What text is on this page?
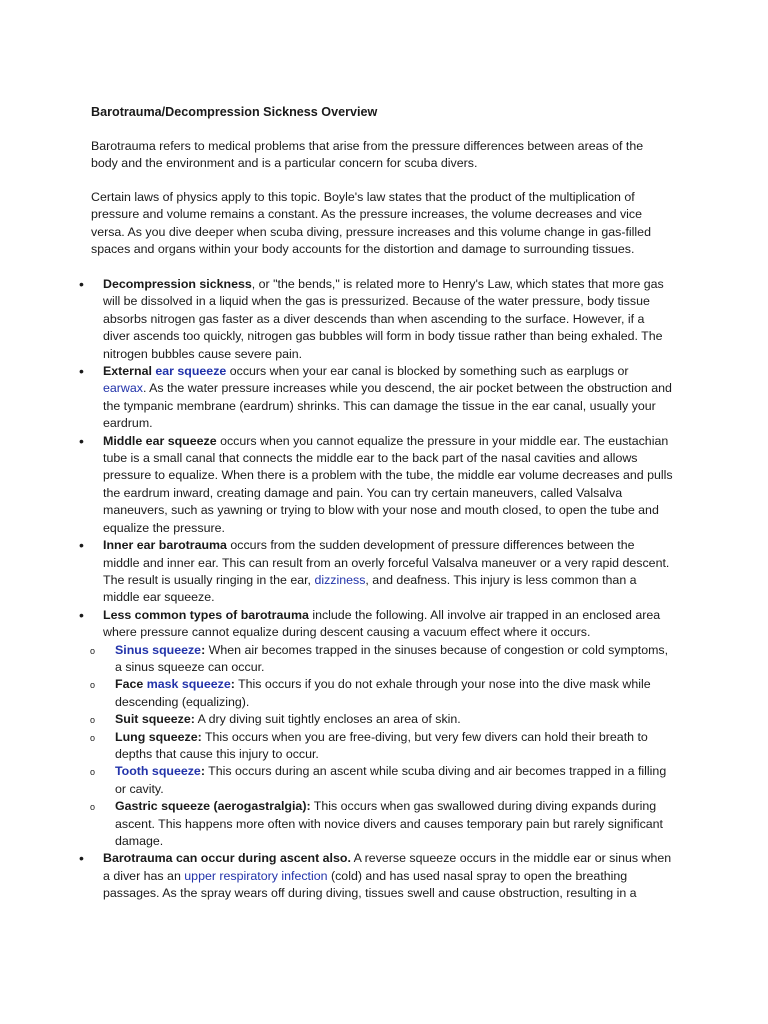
Barotrauma/Decompression Sickness Overview

Barotrauma refers to medical problems that arise from the pressure differences between areas of the body and the environment and is a particular concern for scuba divers.

Certain laws of physics apply to this topic. Boyle's law states that the product of the multiplication of pressure and volume remains a constant. As the pressure increases, the volume decreases and vice versa. As you dive deeper when scuba diving, pressure increases and this volume change in gas-filled spaces and organs within your body accounts for the distortion and damage to surrounding tissues.

• Decompression sickness, or "the bends," is related more to Henry's Law, which states that more gas will be dissolved in a liquid when the gas is pressurized. Because of the water pressure, body tissue absorbs nitrogen gas faster as a diver descends than when ascending to the surface. However, if a diver ascends too quickly, nitrogen gas bubbles will form in body tissue rather than being exhaled. The nitrogen bubbles cause severe pain.
• External ear squeeze occurs when your ear canal is blocked by something such as earplugs or earwax. As the water pressure increases while you descend, the air pocket between the obstruction and the tympanic membrane (eardrum) shrinks. This can damage the tissue in the ear canal, usually your eardrum.
• Middle ear squeeze occurs when you cannot equalize the pressure in your middle ear. The eustachian tube is a small canal that connects the middle ear to the back part of the nasal cavities and allows pressure to equalize. When there is a problem with the tube, the middle ear volume decreases and pulls the eardrum inward, creating damage and pain. You can try certain maneuvers, called Valsalva maneuvers, such as yawning or trying to blow with your nose and mouth closed, to open the tube and equalize the pressure.
• Inner ear barotrauma occurs from the sudden development of pressure differences between the middle and inner ear. This can result from an overly forceful Valsalva maneuver or a very rapid descent. The result is usually ringing in the ear, dizziness, and deafness. This injury is less common than a middle ear squeeze.
• Less common types of barotrauma include the following. All involve air trapped in an enclosed area where pressure cannot equalize during descent causing a vacuum effect where it occurs.
o Sinus squeeze: When air becomes trapped in the sinuses because of congestion or cold symptoms, a sinus squeeze can occur.
o Face mask squeeze: This occurs if you do not exhale through your nose into the dive mask while descending (equalizing).
o Suit squeeze: A dry diving suit tightly encloses an area of skin.
o Lung squeeze: This occurs when you are free-diving, but very few divers can hold their breath to depths that cause this injury to occur.
o Tooth squeeze: This occurs during an ascent while scuba diving and air becomes trapped in a filling or cavity.
o Gastric squeeze (aerogastralgia): This occurs when gas swallowed during diving expands during ascent. This happens more often with novice divers and causes temporary pain but rarely significant damage.
• Barotrauma can occur during ascent also. A reverse squeeze occurs in the middle ear or sinus when a diver has an upper respiratory infection (cold) and has used nasal spray to open the breathing passages. As the spray wears off during diving, tissues swell and cause obstruction, resulting in a
